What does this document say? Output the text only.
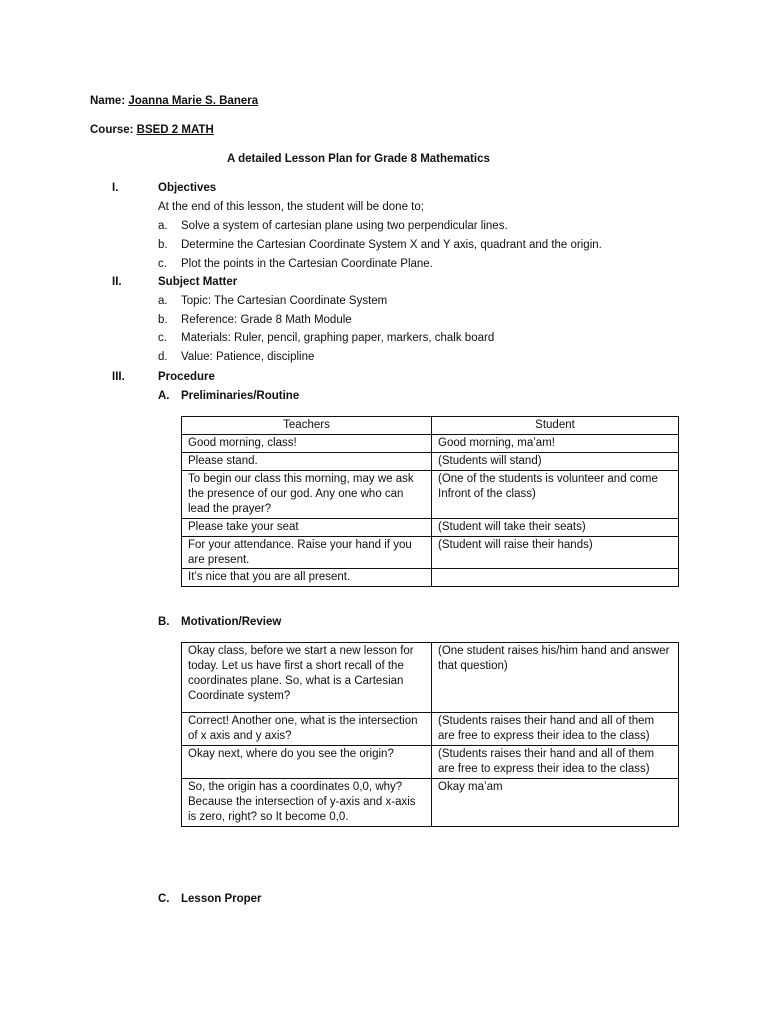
Name: Joanna Marie S. Banera
Course: BSED 2 MATH
A detailed Lesson Plan for Grade 8 Mathematics
I.	Objectives
At the end of this lesson, the student will be done to;
a. Solve a system of cartesian plane using two perpendicular lines.
b. Determine the Cartesian Coordinate System X and Y axis, quadrant and the origin.
c. Plot the points in the Cartesian Coordinate Plane.
II.	Subject Matter
a. Topic: The Cartesian Coordinate System
b. Reference: Grade 8 Math Module
c. Materials: Ruler, pencil, graphing paper, markers, chalk board
d. Value: Patience, discipline
III.	Procedure
A. Preliminaries/Routine
Teachers	Student
Good morning, class!	Good morning, ma’am!
Please stand.	(Students will stand)
To begin our class this morning, may we ask the presence of our god. Any one who can lead the prayer?	(One of the students is volunteer and come Infront of the class)
Please take your seat	(Student will take their seats)
For your attendance. Raise your hand if you are present.	(Student will raise their hands)
It’s nice that you are all present.	
B. Motivation/Review
Okay class, before we start a new lesson for today. Let us have first a short recall of the coordinates plane. So, what is a Cartesian Coordinate system?	(One student raises his/him hand and answer that question)
Correct! Another one, what is the intersection of x axis and y axis?	(Students raises their hand and all of them are free to express their idea to the class)
Okay next, where do you see the origin?	(Students raises their hand and all of them are free to express their idea to the class)
So, the origin has a coordinates 0,0, why? Because the intersection of y-axis and x-axis is zero, right? so It become 0,0.	Okay ma’am
C. Lesson Proper
